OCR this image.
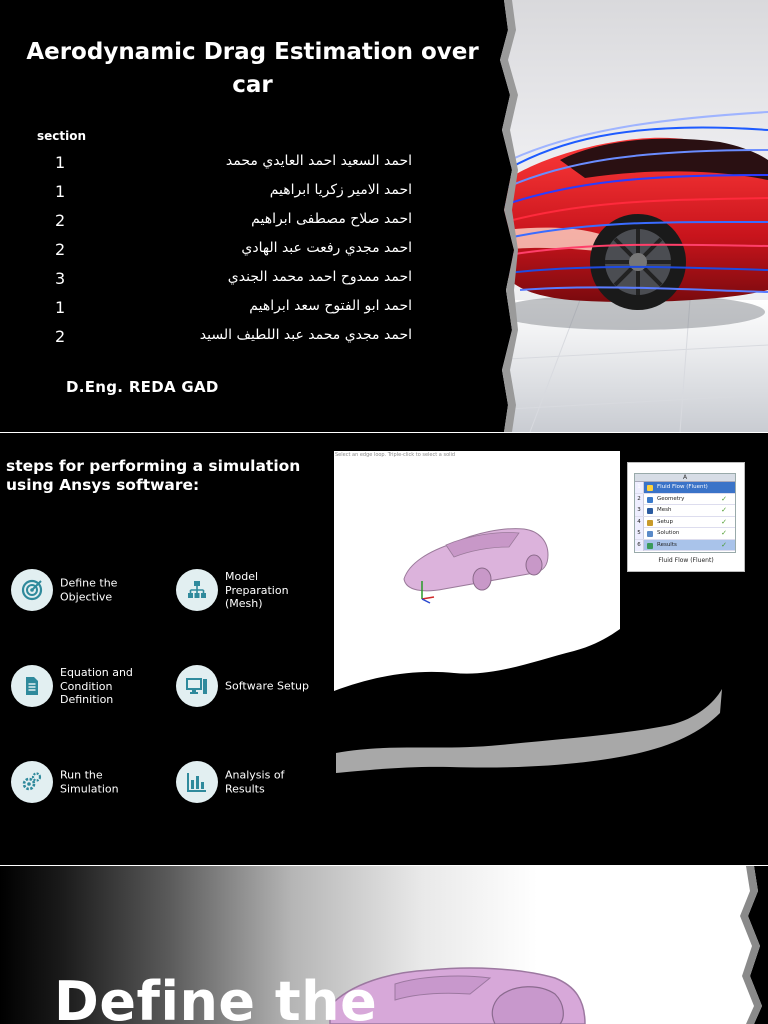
Aerodynamic Drag Estimation over
car
section
1	احمد السعيد احمد العايدي محمد
1	احمد الامير زكريا ابراهيم
2	احمد صلاح مصطفى ابراهيم
2	احمد مجدي رفعت عبد الهادي
3	احمد ممدوح احمد محمد الجندي
1	احمد ابو الفتوح سعد ابراهيم
2	احمد مجدي محمد عبد اللطيف السيد
D.Eng. REDA GAD
steps for performing a simulation
using Ansys software:
Define the Objective
Model Preparation (Mesh)
Equation and Condition Definition
Software Setup
Run the Simulation
Analysis of Results
Select an edge loop. Triple-click to select a solid
A
1	Fluid Flow (Fluent)
2	Geometry	✓
3	Mesh	✓
4	Setup	✓
5	Solution	✓
6	Results	✓
Fluid Flow (Fluent)
Define the
